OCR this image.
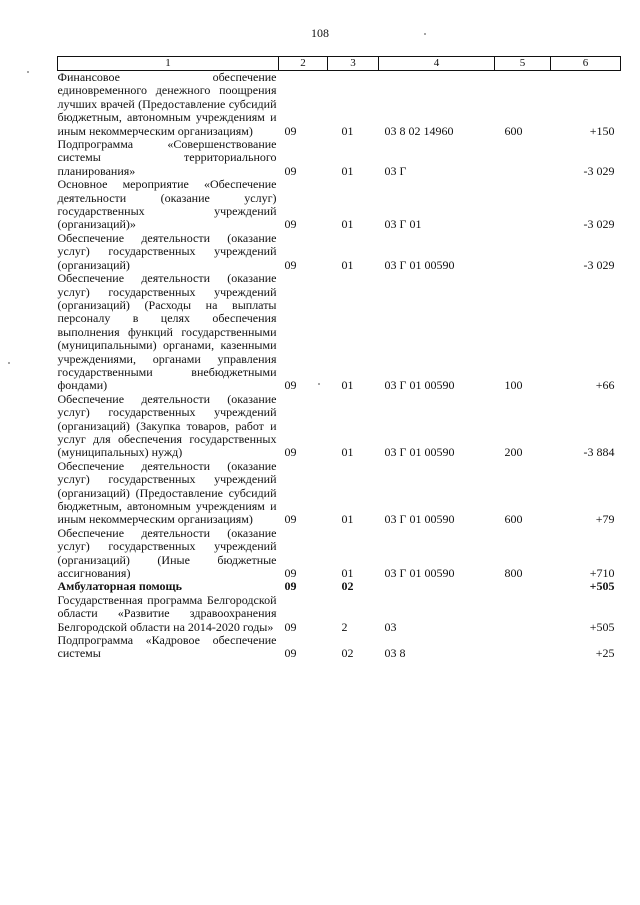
108
1	2	3	4	5	6
Финансовое обеспечение единовременного денежного поощрения лучших врачей (Предоставление субсидий бюджетным, автономным учреждениям и иным некоммерческим организациям)	09	01	03 8 02 14960	600	+150
Подпрограмма «Совершенствование системы территориального планирования»	09	01	03 Г		-3 029
Основное мероприятие «Обеспечение деятельности (оказание услуг) государственных учреждений (организаций)»	09	01	03 Г 01		-3 029
Обеспечение деятельности (оказание услуг) государственных учреждений (организаций)	09	01	03 Г 01 00590		-3 029
Обеспечение деятельности (оказание услуг) государственных учреждений (организаций) (Расходы на выплаты персоналу в целях обеспечения выполнения функций государственными (муниципальными) органами, казенными учреждениями, органами управления государственными внебюджетными фондами)	09	01	03 Г 01 00590	100	+66
Обеспечение деятельности (оказание услуг) государственных учреждений (организаций) (Закупка товаров, работ и услуг для обеспечения государственных (муниципальных) нужд)	09	01	03 Г 01 00590	200	-3 884
Обеспечение деятельности (оказание услуг) государственных учреждений (организаций) (Предоставление субсидий бюджетным, автономным учреждениям и иным некоммерческим организациям)	09	01	03 Г 01 00590	600	+79
Обеспечение деятельности (оказание услуг) государственных учреждений (организаций) (Иные бюджетные ассигнования)	09	01	03 Г 01 00590	800	+710
Амбулаторная помощь	09	02			+505
Государственная программа Белгородской области «Развитие здравоохранения Белгородской области на 2014-2020 годы»	09	2	03		+505
Подпрограмма «Кадровое обеспечение системы	09	02	03 8		+25
